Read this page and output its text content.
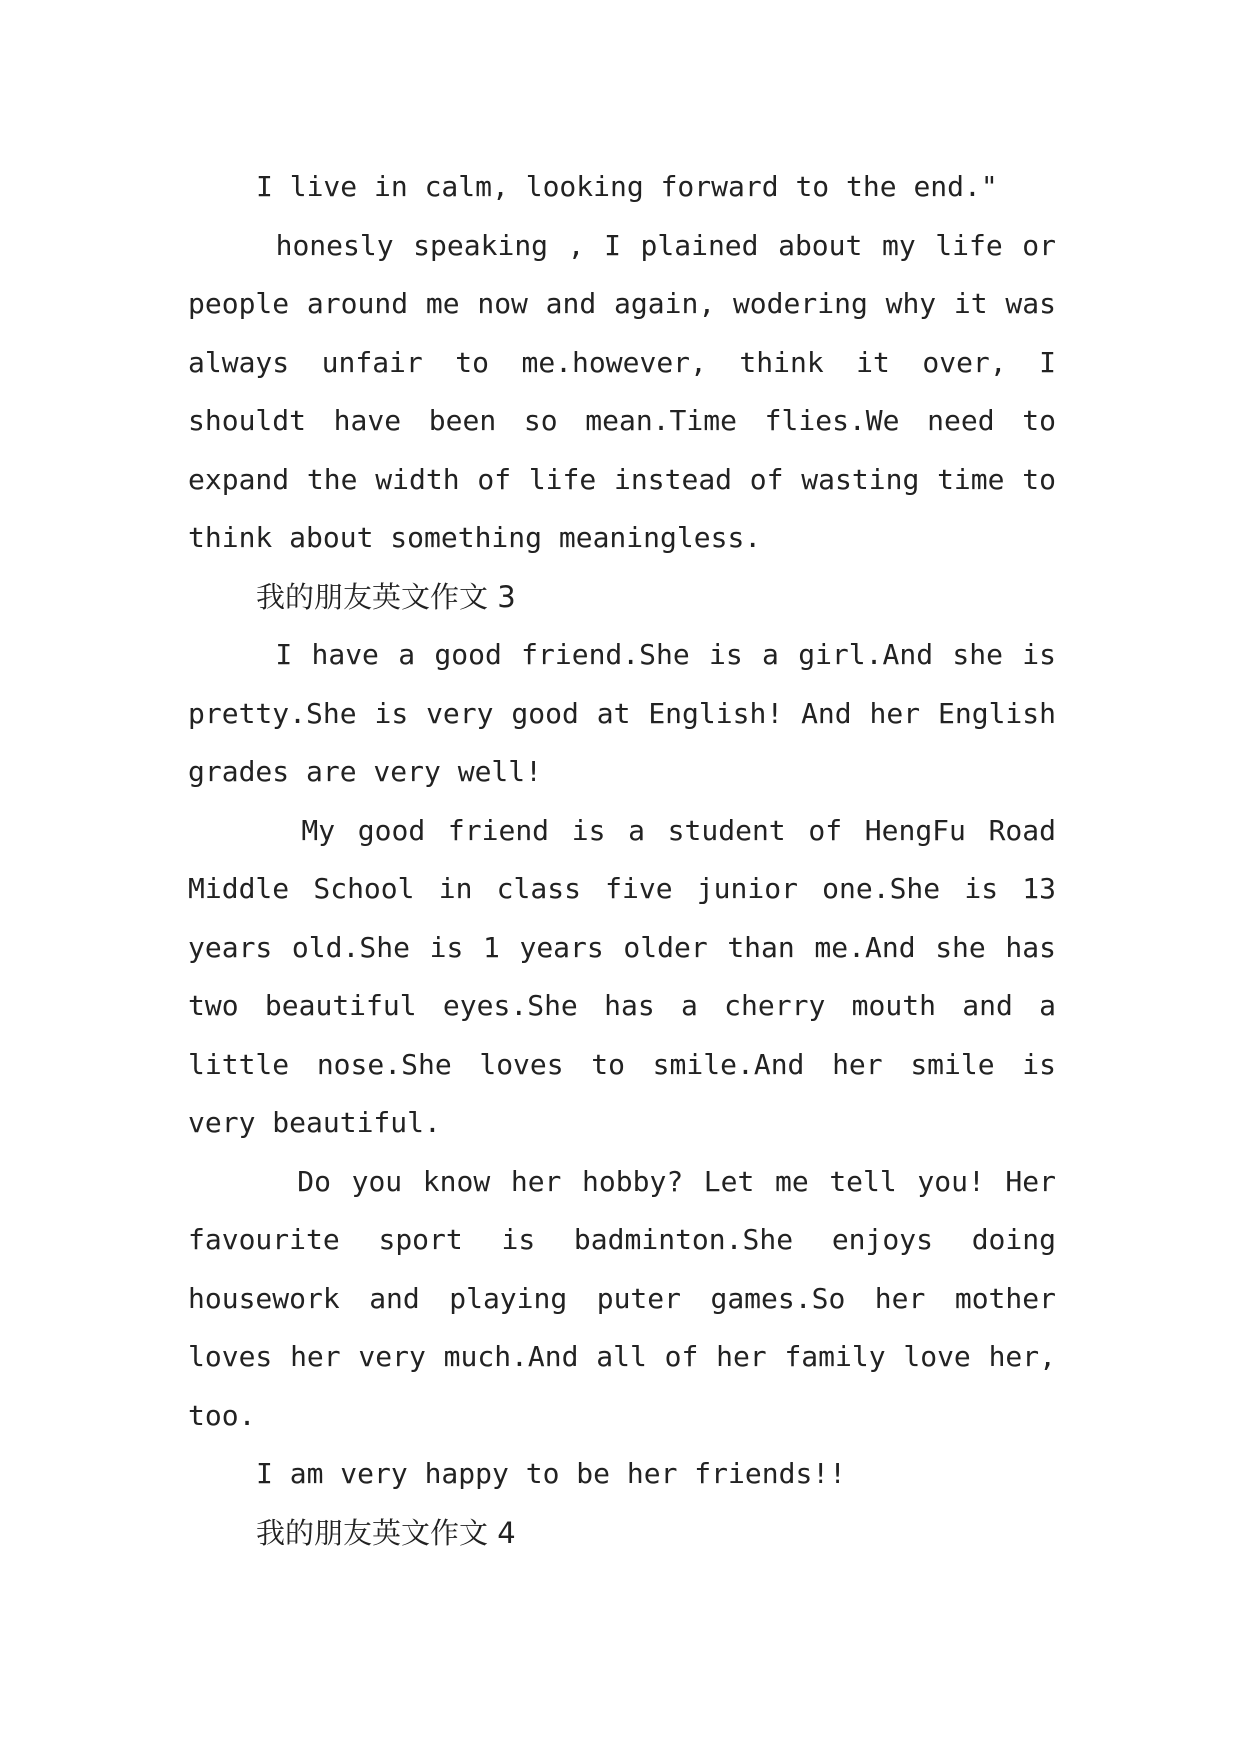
I live in calm, looking forward to the end."

honesly speaking , I plained about my life or people around me now and again, wodering why it was always unfair to me.however, think it over, I shouldt have been so mean.Time flies.We need to expand the width of life instead of wasting time to think about something meaningless.

我的朋友英文作文 3

I have a good friend.She is a girl.And she is pretty.She is very good at English! And her English grades are very well!

My good friend is a student of HengFu Road Middle School in class five junior one.She is 13 years old.She is 1 years older than me.And she has two beautiful eyes.She has a cherry mouth and a little nose.She loves to smile.And her smile is very beautiful.

Do you know her hobby? Let me tell you! Her favourite sport is badminton.She enjoys doing housework and playing puter games.So her mother loves her very much.And all of her family love her, too.

I am very happy to be her friends!!

我的朋友英文作文 4
